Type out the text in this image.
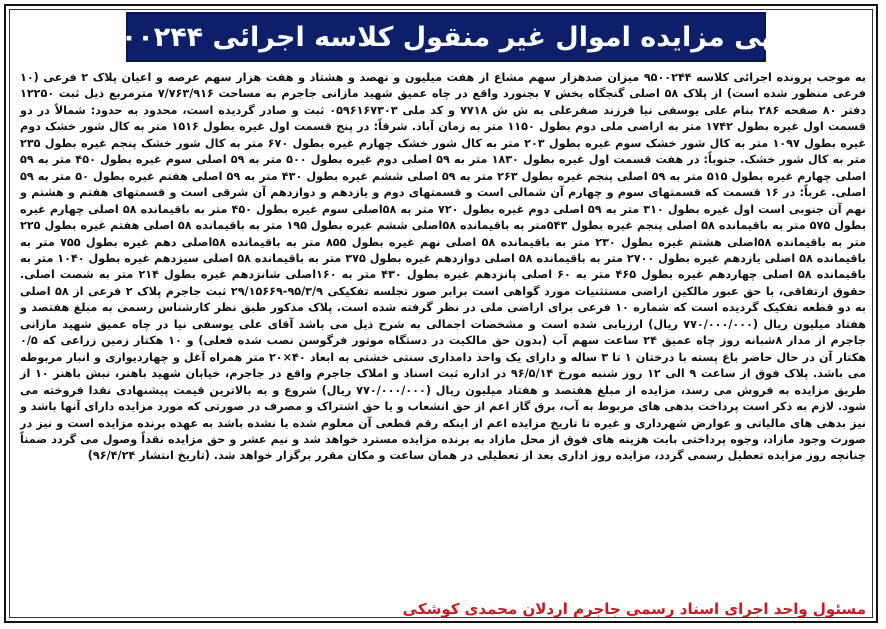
آگهی مزایده اموال غیر منقول کلاسه اجرائی ۹۵۰۰۲۴۴
به موجب پرونده اجرائی کلاسه ۹۵۰۰۲۴۴ میزان صدهزار سهم مشاع از هفت میلیون و نهصد و هشتاد و هفت هزار سهم عرصه و اعیان پلاک ۲ فرعی (۱۰ فرعی منظور شده است) از پلاک ۵۸ اصلی گنجگاه بخش ۷ بجنورد واقع در چاه عمیق شهید مازانی جاجرم به مساحت ۷/۷۶۳/۹۱۶ مترمربع ذیل ثبت ۱۲۲۵۰ دفتر ۸۰ صفحه ۲۸۶ بنام علی یوسفی نیا فرزند صفرعلی به ش ش ۷۷۱۸ و کد ملی ۰۵۹۶۱۶۷۳۰۳ ثبت و صادر گردیده است، محدود به حدود: شمالاً در دو قسمت اول غیره بطول ۱۷۴۲ متر به اراضی ملی دوم بطول ۱۱۵۰ متر به زمان آباد. شرقاً: در پنج قسمت اول غیره بطول ۱۵۱۶ متر به کال شور خشک دوم غیره بطول ۱۰۹۷ متر به کال شور خشک سوم غیره بطول ۲۰۳ متر به کال شور خشک چهارم غیره بطول ۶۷۰ متر به کال شور خشک پنجم غیره بطول ۲۳۵ متر به کال شور خشک. جنوباً: در هفت قسمت اول غیره بطول ۱۸۳۰ متر به ۵۹ اصلی دوم غیره بطول ۵۰۰ متر به ۵۹ اصلی سوم غیره بطول ۴۵۰ متر به ۵۹ اصلی چهارم غیره بطول ۵۱۵ متر به ۵۹ اصلی پنجم غیره بطول ۲۶۳ متر به ۵۹ اصلی ششم غیره بطول ۴۳۰ متر به ۵۹ اصلی هفتم غیره بطول ۵۰ متر به ۵۹ اصلی. غرباً: در ۱۶ قسمت که قسمتهای سوم و چهارم آن شمالی است و قسمتهای دوم و یازدهم و دوازدهم آن شرقی است و قسمتهای هفتم و هشتم و نهم آن جنوبی است اول غیره بطول ۳۱۰ متر به ۵۹ اصلی دوم غیره بطول ۷۲۰ متر به ۵۸اصلی سوم غیره بطول ۴۵۰ متر به باقیمانده ۵۸ اصلی چهارم غیره بطول ۵۷۵ متر به باقیمانده ۵۸ اصلی پنجم غیره بطول ۵۴۳متر به باقیمانده ۵۸اصلی ششم غیره بطول ۱۹۵ متر به باقیمانده ۵۸ اصلی هفتم غیره بطول ۲۲۵ متر به باقیمانده ۵۸اصلی هشتم غیره بطول ۲۳۰ متر به باقیمانده ۵۸ اصلی نهم غیره بطول ۸۵۵ متر به باقیمانده ۵۸اصلی دهم غیره بطول ۷۵۵ متر به باقیمانده ۵۸ اصلی یازدهم غیره بطول ۲۷۰۰ متر به باقیمانده ۵۸ اصلی دوازدهم غیره بطول ۳۷۵ متر به باقیمانده ۵۸ اصلی سیزدهم غیره بطول ۱۰۴۰ متر به باقیمانده ۵۸ اصلی چهاردهم غیره بطول ۴۶۵ متر به ۶۰ اصلی پانزدهم غیره بطول ۴۳۰ متر به ۱۶۰اصلی شانزدهم غیره بطول ۲۱۴ متر به شصت اصلی. حقوق ارتفاقی، با حق عبور مالکین اراضی مستثنیات مورد گواهی است برابر صور تجلسه تفکیکی ۹۵/۳/۹-۲۹/۱۵۶۶۹ ثبت جاجرم پلاک ۲ فرعی از ۵۸ اصلی به دو قطعه تفکیک گردیده است که شماره ۱۰ فرعی برای اراضی ملی در نظر گرفته شده است. پلاک مذکور طبق نظر کارشناس رسمی به مبلغ هفتصد و هفتاد میلیون ریال (۷۷۰/۰۰۰/۰۰۰ ریال) ارزیابی شده است و مشخصات اجمالی به شرح ذیل می باشد آقای علی یوسفی نیا در چاه عمیق شهید مازانی جاجرم از مدار ۸شبانه روز چاه عمیق ۲۴ ساعت سهم آب (بدون حق مالکیت در دستگاه موتور فرگوسن نصب شده فعلی) و ۱۰ هکتار زمین زراعی که ۰/۵ هکتار آن در حال حاضر باغ پسته با درختان ۱ تا ۳ ساله و دارای یک واحد دامداری سنتی خشتی به ابعاد ۴۰×۲۰ متر همراه آغل و چهاردیواری و انبار مربوطه می باشد. پلاک فوق از ساعت ۹ الی ۱۲ روز شنبه مورخ ۹۶/۵/۱۴ در اداره ثبت اسناد و املاک جاجرم واقع در جاجرم، خیابان شهید باهنر، نبش باهنر ۱۰ از طریق مزایده به فروش می رسد، مزایده از مبلغ هفتصد و هفتاد میلیون ریال (۷۷۰/۰۰۰/۰۰۰ ریال) شروع و به بالاترین قیمت پیشنهادی نقدا فروخته می شود. لازم به ذکر است پرداخت بدهی های مربوط به آب، برق گاز اعم از حق انشعاب و یا حق اشتراک و مصرف در صورتی که مورد مزایده دارای آنها باشد و نیز بدهی های مالیاتی و عوارض شهرداری و غیره تا تاریخ مزایده اعم از اینکه رقم قطعی آن معلوم شده یا نشده باشد به عهده برنده مزایده است و نیز در صورت وجود مازاد، وجوه پرداختی بابت هزینه های فوق از محل مازاد به برنده مزایده مسترد خواهد شد و نیم عشر و حق مزایده نقداً وصول می گردد ضمناً چنانچه روز مزایده تعطیل رسمی گردد، مزایده روز اداری بعد از تعطیلی در همان ساعت و مکان مقرر برگزار خواهد شد. (تاریخ انتشار ۹۶/۴/۲۴)
مسئول واحد اجرای اسناد رسمی جاجرم اردلان محمدی کوشکی
